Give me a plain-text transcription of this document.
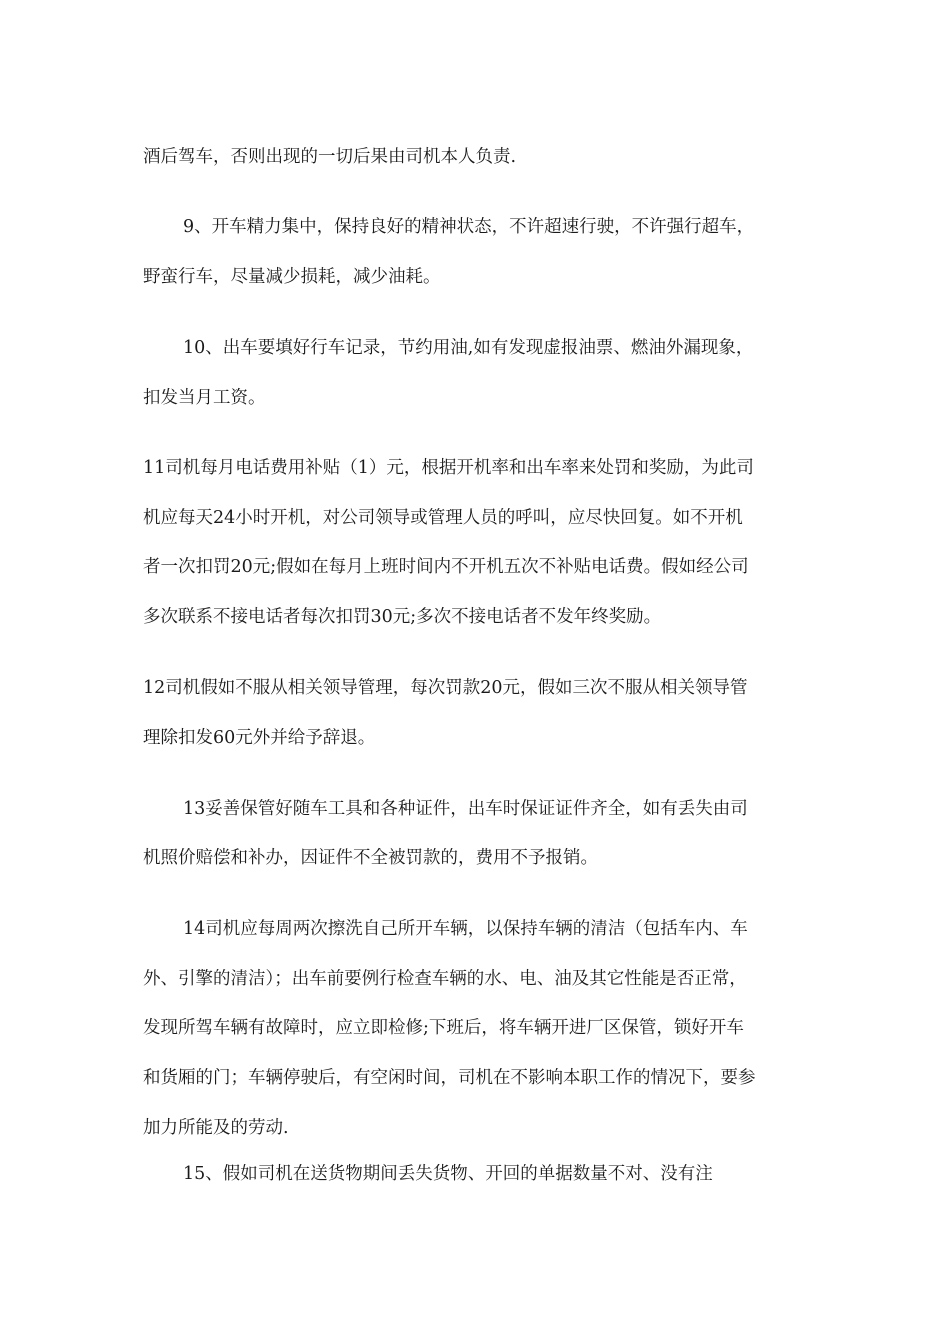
酒后驾车，否则出现的一切后果由司机本人负责.

9、开车精力集中，保持良好的精神状态，不许超速行驶，不许强行超车，

野蛮行车，尽量减少损耗，减少油耗。

10、出车要填好行车记录，节约用油,如有发现虚报油票、燃油外漏现象，

扣发当月工资。

11司机每月电话费用补贴（1）元，根据开机率和出车率来处罚和奖励，为此司

机应每天24小时开机，对公司领导或管理人员的呼叫，应尽快回复。如不开机

者一次扣罚20元;假如在每月上班时间内不开机五次不补贴电话费。假如经公司

多次联系不接电话者每次扣罚30元;多次不接电话者不发年终奖励。

12司机假如不服从相关领导管理，每次罚款20元，假如三次不服从相关领导管

理除扣发60元外并给予辞退。

13妥善保管好随车工具和各种证件，出车时保证证件齐全，如有丢失由司

机照价赔偿和补办，因证件不全被罚款的，费用不予报销。

14司机应每周两次擦洗自己所开车辆，以保持车辆的清洁（包括车内、车

外、引擎的清洁）；出车前要例行检查车辆的水、电、油及其它性能是否正常，

发现所驾车辆有故障时，应立即检修;下班后，将车辆开进厂区保管，锁好开车

和货厢的门；车辆停驶后，有空闲时间，司机在不影响本职工作的情况下，要参

加力所能及的劳动.

15、假如司机在送货物期间丢失货物、开回的单据数量不对、没有注
